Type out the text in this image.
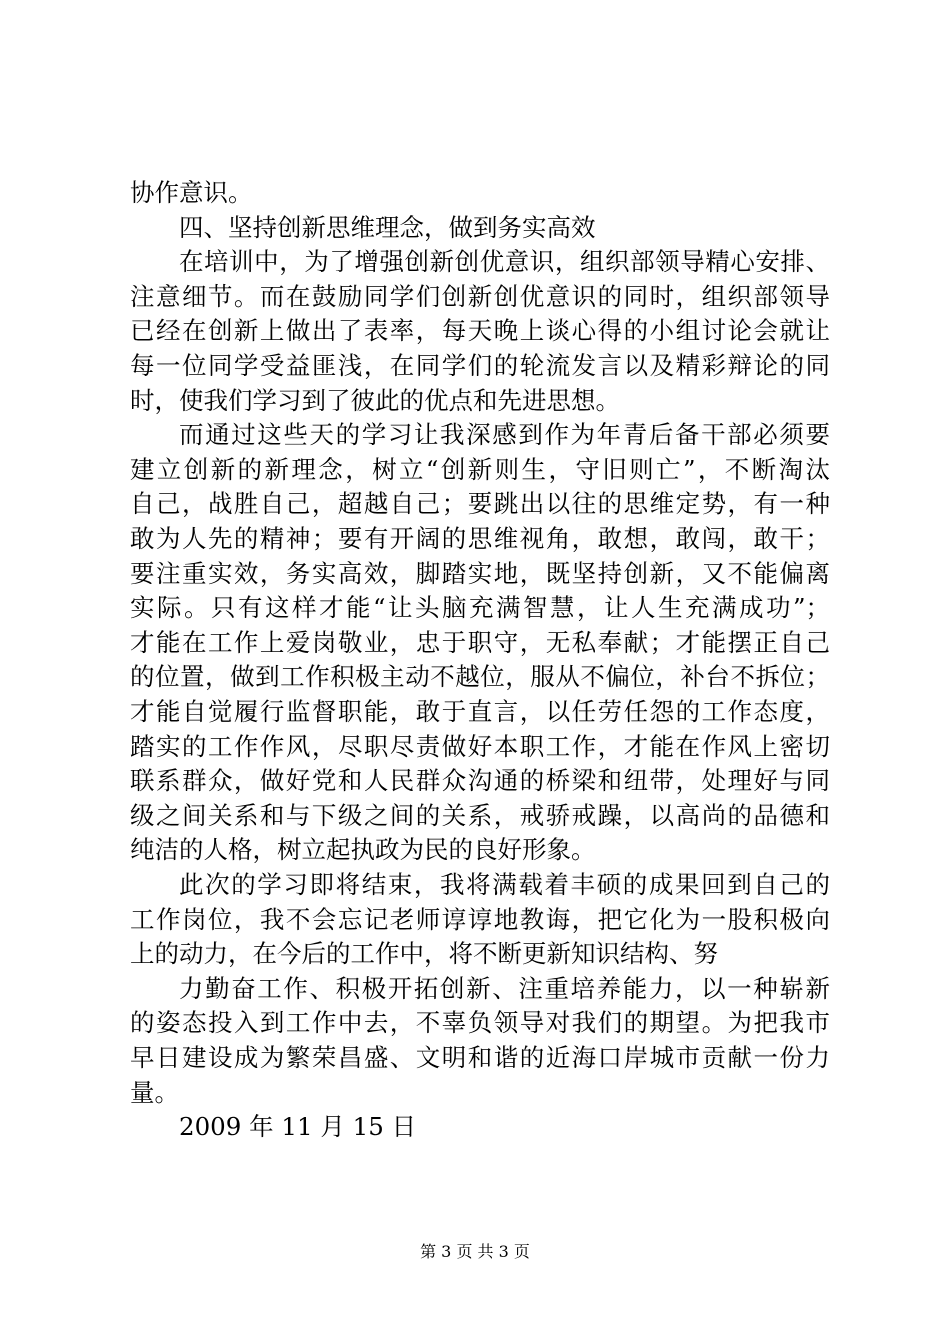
协作意识。
四、坚持创新思维理念，做到务实高效
在培训中，为了增强创新创优意识，组织部领导精心安排、
注意细节。而在鼓励同学们创新创优意识的同时，组织部领导
已经在创新上做出了表率，每天晚上谈心得的小组讨论会就让
每一位同学受益匪浅，在同学们的轮流发言以及精彩辩论的同
时，使我们学习到了彼此的优点和先进思想。
而通过这些天的学习让我深感到作为年青后备干部必须要
建立创新的新理念，树立“创新则生，守旧则亡”，不断淘汰
自己，战胜自己，超越自己；要跳出以往的思维定势，有一种
敢为人先的精神；要有开阔的思维视角，敢想，敢闯，敢干；
要注重实效，务实高效，脚踏实地，既坚持创新，又不能偏离
实际。只有这样才能“让头脑充满智慧，让人生充满成功”；
才能在工作上爱岗敬业，忠于职守，无私奉献；才能摆正自己
的位置，做到工作积极主动不越位，服从不偏位，补台不拆位；
才能自觉履行监督职能，敢于直言，以任劳任怨的工作态度，
踏实的工作作风，尽职尽责做好本职工作，才能在作风上密切
联系群众，做好党和人民群众沟通的桥梁和纽带，处理好与同
级之间关系和与下级之间的关系，戒骄戒躁，以高尚的品德和
纯洁的人格，树立起执政为民的良好形象。
此次的学习即将结束，我将满载着丰硕的成果回到自己的
工作岗位，我不会忘记老师谆谆地教诲，把它化为一股积极向
上的动力，在今后的工作中，将不断更新知识结构、努
力勤奋工作、积极开拓创新、注重培养能力，以一种崭新
的姿态投入到工作中去，不辜负领导对我们的期望。为把我市
早日建设成为繁荣昌盛、文明和谐的近海口岸城市贡献一份力
量。
2009 年 11 月 15 日
第 3 页 共 3 页
